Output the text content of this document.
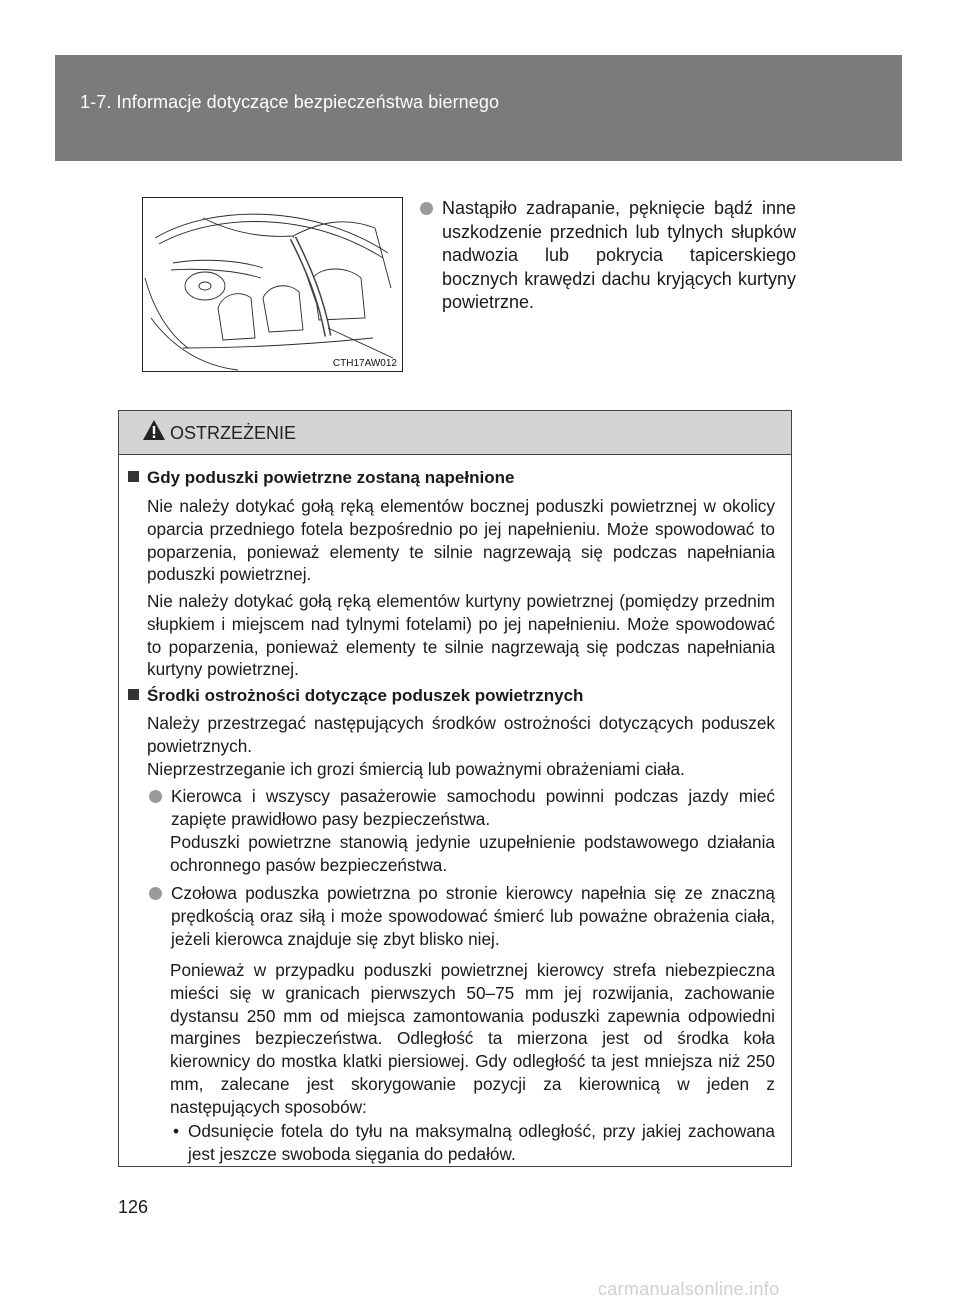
1-7. Informacje dotyczące bezpieczeństwa biernego
CTH17AW012
Nastąpiło zadrapanie, pęknięcie bądź inne uszkodzenie przednich lub tylnych słupków nadwozia lub pokrycia tapicerskiego bocznych krawędzi dachu kryjących kurtyny powietrzne.
OSTRZEŻENIE
Gdy poduszki powietrzne zostaną napełnione
Nie należy dotykać gołą ręką elementów bocznej poduszki powietrznej w okolicy oparcia przedniego fotela bezpośrednio po jej napełnieniu. Może spowodować to poparzenia, ponieważ elementy te silnie nagrzewają się podczas napełniania poduszki powietrznej.
Nie należy dotykać gołą ręką elementów kurtyny powietrznej (pomiędzy przednim słupkiem i miejscem nad tylnymi fotelami) po jej napełnieniu. Może spowodować to poparzenia, ponieważ elementy te silnie nagrzewają się podczas napełniania kurtyny powietrznej.
Środki ostrożności dotyczące poduszek powietrznych
Należy przestrzegać następujących środków ostrożności dotyczących poduszek powietrznych.
Nieprzestrzeganie ich grozi śmiercią lub poważnymi obrażeniami ciała.
Kierowca i wszyscy pasażerowie samochodu powinni podczas jazdy mieć zapięte prawidłowo pasy bezpieczeństwa.
Poduszki powietrzne stanowią jedynie uzupełnienie podstawowego działania ochronnego pasów bezpieczeństwa.
Czołowa poduszka powietrzna po stronie kierowcy napełnia się ze znaczną prędkością oraz siłą i może spowodować śmierć lub poważne obrażenia ciała, jeżeli kierowca znajduje się zbyt blisko niej.
Ponieważ w przypadku poduszki powietrznej kierowcy strefa niebezpieczna mieści się w granicach pierwszych 50–75 mm jej rozwijania, zachowanie dystansu 250 mm od miejsca zamontowania poduszki zapewnia odpowiedni margines bezpieczeństwa. Odległość ta mierzona jest od środka koła kierownicy do mostka klatki piersiowej. Gdy odległość ta jest mniejsza niż 250 mm, zalecane jest skorygowanie pozycji za kierownicą w jeden z następujących sposobów:
• Odsunięcie fotela do tyłu na maksymalną odległość, przy jakiej zachowana jest jeszcze swoboda sięgania do pedałów.
126
carmanualsonline.info
